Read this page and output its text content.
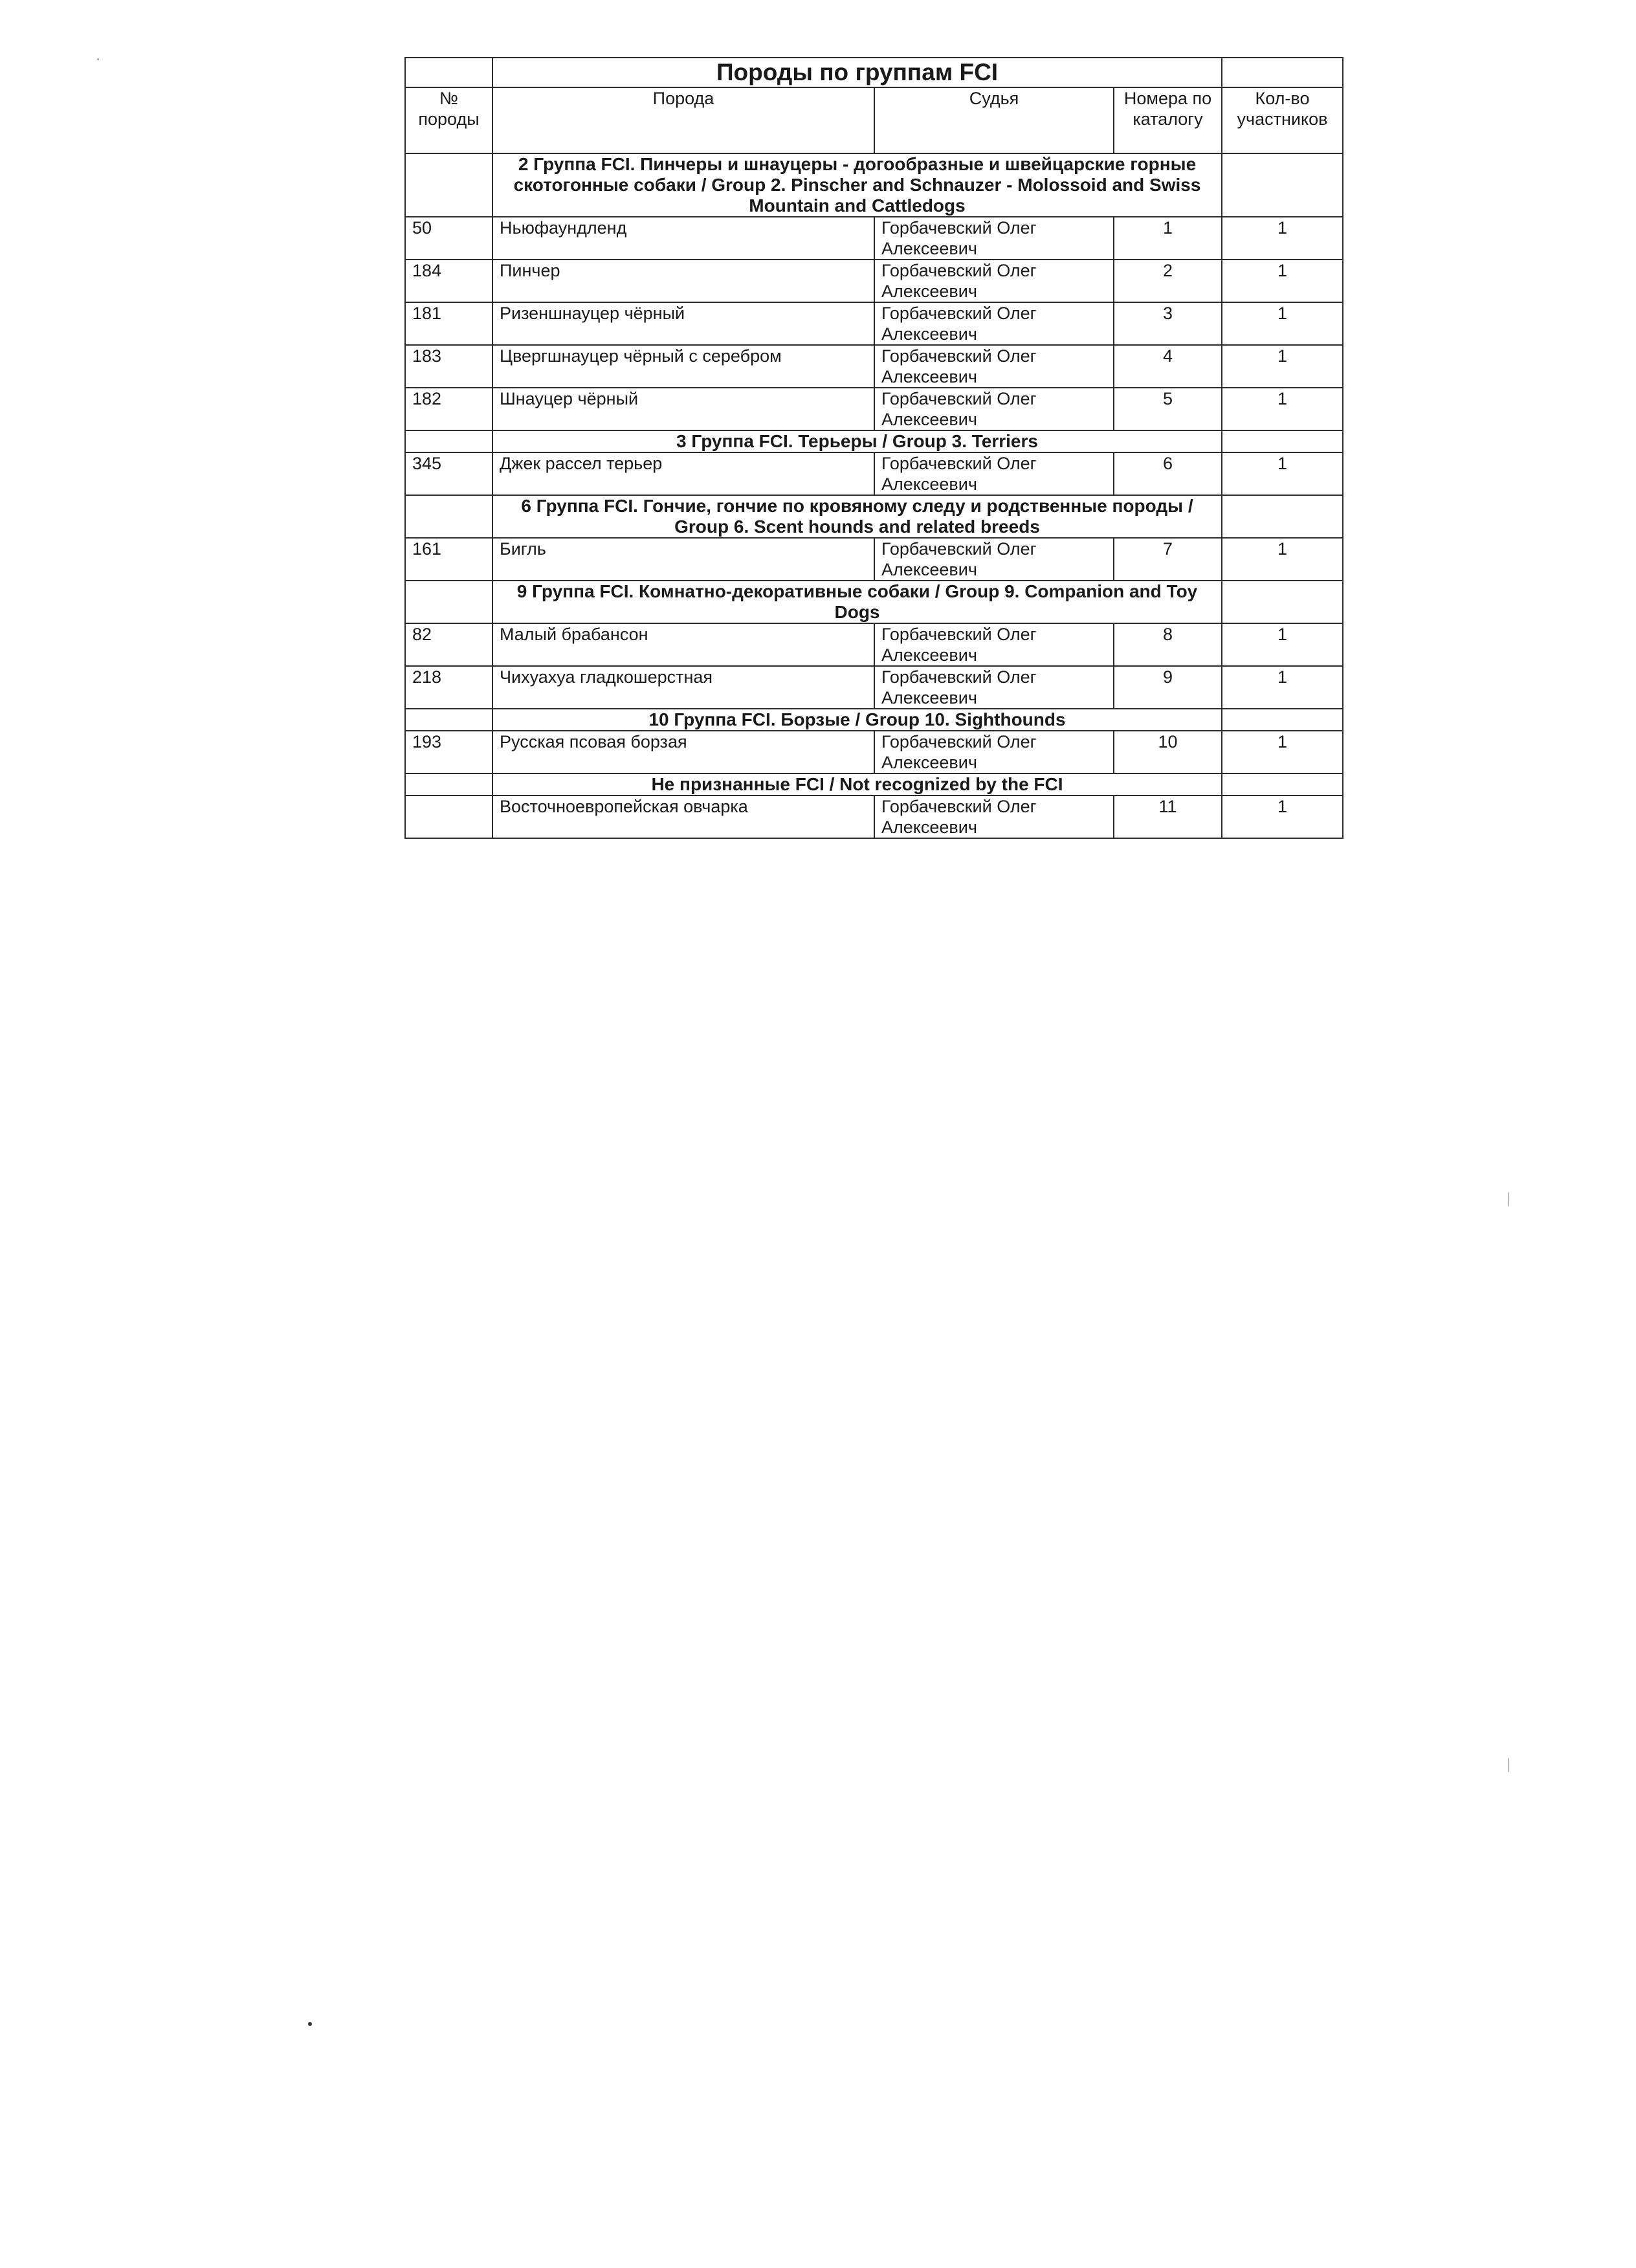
	Породы по группам FCI			
№ породы	Порода	Судья	Номера по каталогу	Кол-во участников
	2 Группа FCI. Пинчеры и шнауцеры - догообразные и швейцарские горные скотогонные собаки / Group 2. Pinscher and Schnauzer - Molossoid and Swiss Mountain and Cattledogs			
50	Ньюфаундленд	Горбачевский Олег Алексеевич	1	1
184	Пинчер	Горбачевский Олег Алексеевич	2	1
181	Ризеншнауцер чёрный	Горбачевский Олег Алексеевич	3	1
183	Цвергшнауцер чёрный с серебром	Горбачевский Олег Алексеевич	4	1
182	Шнауцер чёрный	Горбачевский Олег Алексеевич	5	1
	3 Группа FCI. Терьеры / Group 3. Terriers			
345	Джек рассел терьер	Горбачевский Олег Алексеевич	6	1
	6 Группа FCI. Гончие, гончие по кровяному следу и родственные породы / Group 6. Scent hounds and related breeds			
161	Бигль	Горбачевский Олег Алексеевич	7	1
	9 Группа FCI. Комнатно-декоративные собаки / Group 9. Companion and Toy Dogs			
82	Малый брабансон	Горбачевский Олег Алексеевич	8	1
218	Чихуахуа гладкошерстная	Горбачевский Олег Алексеевич	9	1
	10 Группа FCI. Борзые / Group 10. Sighthounds			
193	Русская псовая борзая	Горбачевский Олег Алексеевич	10	1
	Не признанные FCI / Not recognized by the FCI			
	Восточноевропейская овчарка	Горбачевский Олег Алексеевич	11	1
